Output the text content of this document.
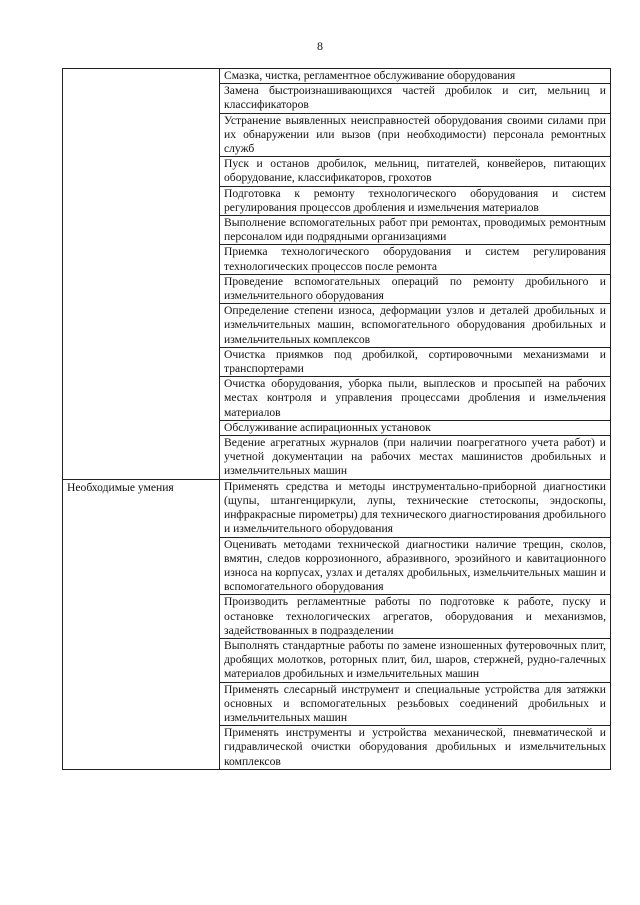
8
	Смазка, чистка, регламентное обслуживание оборудования
	Замена быстроизнашивающихся частей дробилок и сит, мельниц и классификаторов
	Устранение выявленных неисправностей оборудования своими силами при их обнаружении или вызов (при необходимости) персонала ремонтных служб
	Пуск и останов дробилок, мельниц, питателей, конвейеров, питающих оборудование, классификаторов, грохотов
	Подготовка к ремонту технологического оборудования и систем регулирования процессов дробления и измельчения материалов
	Выполнение вспомогательных работ при ремонтах, проводимых ремонтным персоналом иди подрядными организациями
	Приемка технологического оборудования и систем регулирования технологических процессов после ремонта
	Проведение вспомогательных операций по ремонту дробильного и измельчительного оборудования
	Определение степени износа, деформации узлов и деталей дробильных и измельчительных машин, вспомогательного оборудования дробильных и измельчительных комплексов
	Очистка приямков под дробилкой, сортировочными механизмами и транспортерами
	Очистка оборудования, уборка пыли, выплесков и просыпей на рабочих местах контроля и управления процессами дробления и измельчения материалов
	Обслуживание аспирационных установок
	Ведение агрегатных журналов (при наличии поагрегатного учета работ) и учетной документации на рабочих местах машинистов дробильных и измельчительных машин
Необходимые умения	Применять средства и методы инструментально-приборной диагностики (щупы, штангенциркули, лупы, технические стетоскопы, эндоскопы, инфракрасные пирометры) для технического диагностирования дробильного и измельчительного оборудования
	Оценивать методами технической диагностики наличие трещин, сколов, вмятин, следов коррозионного, абразивного, эрозийного и кавитационного износа на корпусах, узлах и деталях дробильных, измельчительных машин и вспомогательного оборудования
	Производить регламентные работы по подготовке к работе, пуску и остановке технологических агрегатов, оборудования и механизмов, задействованных в подразделении
	Выполнять стандартные работы по замене изношенных футеровочных плит, дробящих молотков, роторных плит, бил, шаров, стержней, рудно-галечных материалов дробильных и измельчительных машин
	Применять слесарный инструмент и специальные устройства для затяжки основных и вспомогательных резьбовых соединений дробильных и измельчительных машин
	Применять инструменты и устройства механической, пневматической и гидравлической очистки оборудования дробильных и измельчительных комплексов
